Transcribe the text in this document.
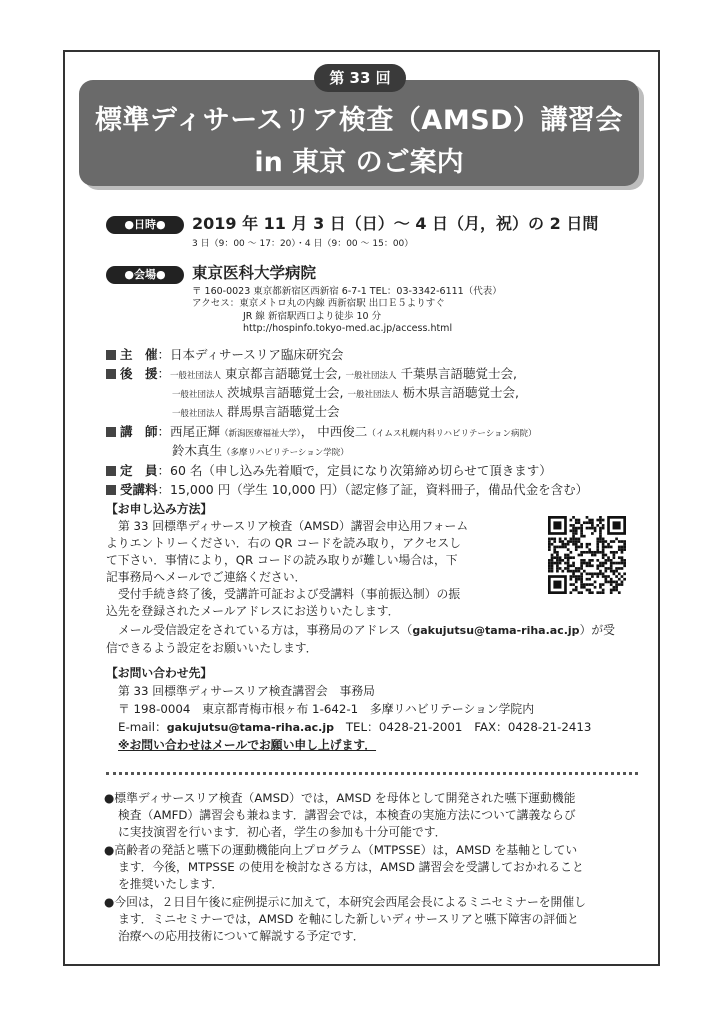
標準ディサースリア検査（AMSD）講習会
in 東京 のご案内
第 33 回
●日時●	2019 年 11 月 3 日（日）～ 4 日（月，祝）の 2 日間
3 日（9：00 ～ 17：20）・4 日（9：00 ～ 15：00）
●会場●	東京医科大学病院
〒 160-0023 東京都新宿区西新宿 6-7-1 TEL：03-3342-6111（代表）
アクセス：東京メトロ丸の内線 西新宿駅 出口Ｅ５よりすぐ
JR 線 新宿駅西口より徒歩 10 分
http://hospinfo.tokyo-med.ac.jp/access.html
主　催：日本ディサースリア臨床研究会
後　援：一般社団法人 東京都言語聴覚士会, 一般社団法人 千葉県言語聴覚士会,
一般社団法人 茨城県言語聴覚士会, 一般社団法人 栃木県言語聴覚士会,
一般社団法人 群馬県言語聴覚士会
講　師：西尾正輝（新潟医療福祉大学）， 中西俊二（イムス札幌内科リハビリテーション病院）
鈴木真生（多摩リハビリテーション学院）
定　員：60 名（申し込み先着順で，定員になり次第締め切らせて頂きます）
受講料：15,000 円（学生 10,000 円）（認定修了証，資料冊子，備品代金を含む）
【お申し込み方法】
第 33 回標準ディサースリア検査（AMSD）講習会申込用フォーム
よりエントリーください．右の QR コードを読み取り，アクセスし
て下さい．事情により，QR コードの読み取りが難しい場合は，下
記事務局へメールでご連絡ください．
受付手続き終了後，受講許可証および受講料（事前振込制）の振
込先を登録されたメールアドレスにお送りいたします．
メール受信設定をされている方は，事務局のアドレス（gakujutsu@tama-riha.ac.jp）が受
信できるよう設定をお願いいたします．
【お問い合わせ先】
第 33 回標準ディサースリア検査講習会　事務局
〒 198-0004　東京都青梅市根ヶ布 1-642-1　多摩リハビリテーション学院内
E-mail：gakujutsu@tama-riha.ac.jp　TEL：0428-21-2001　FAX：0428-21-2413
※お問い合わせはメールでお願い申し上げます．
●標準ディサースリア検査（AMSD）では，AMSD を母体として開発された嚥下運動機能
検査（AMFD）講習会も兼ねます．講習会では，本検査の実施方法について講義ならび
に実技演習を行います．初心者，学生の参加も十分可能です．
●高齢者の発話と嚥下の運動機能向上プログラム（MTPSSE）は，AMSD を基軸としてい
ます．今後，MTPSSE の使用を検討なさる方は，AMSD 講習会を受講しておかれること
を推奨いたします．
●今回は，２日目午後に症例提示に加えて，本研究会西尾会長によるミニセミナーを開催し
ます．ミニセミナーでは，AMSD を軸にした新しいディサースリアと嚥下障害の評価と
治療への応用技術について解説する予定です．
